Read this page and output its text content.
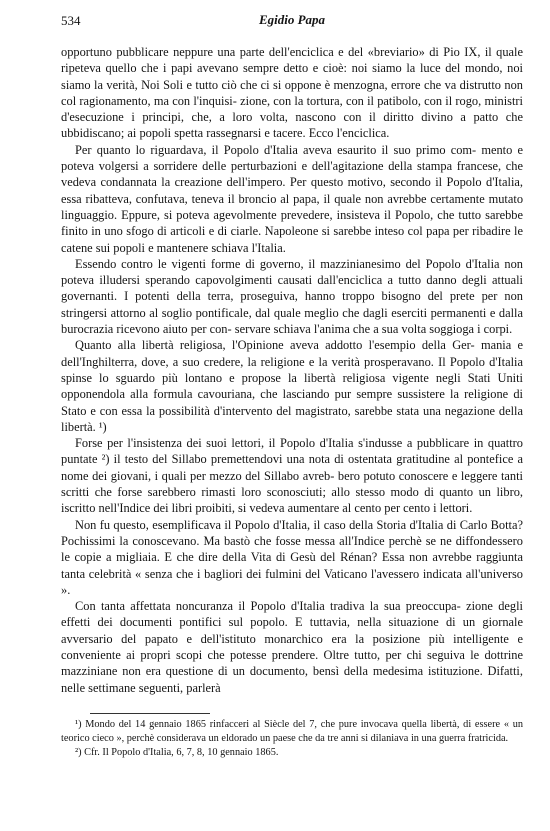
534	Egidio Papa

opportuno pubblicare neppure una parte dell'enciclica e del «breviario» di Pio IX, il quale ripeteva quello che i papi avevano sempre detto e cioè: noi siamo la luce del mondo, noi siamo la verità, Noi Soli e tutto ciò che ci si oppone è menzogna, errore che va distrutto non col ragionamento, ma con l'inquisi- zione, con la tortura, con il patibolo, con il rogo, ministri d'esecuzione i principi, che, a loro volta, nascono con il diritto divino a patto che ubbidiscano; ai popoli spetta rassegnarsi e tacere. Ecco l'enciclica.

Per quanto lo riguardava, il Popolo d'Italia aveva esaurito il suo primo com- mento e poteva volgersi a sorridere delle perturbazioni e dell'agitazione della stampa francese, che vedeva condannata la creazione dell'impero. Per questo motivo, secondo il Popolo d'Italia, essa ribatteva, confutava, teneva il broncio al papa, il quale non avrebbe certamente mutato linguaggio. Eppure, si poteva agevolmente prevedere, insisteva il Popolo, che tutto sarebbe finito in uno sfogo di articoli e di ciarle. Napoleone si sarebbe inteso col papa per ribadire le catene sui popoli e mantenere schiava l'Italia.

Essendo contro le vigenti forme di governo, il mazzinianesimo del Popolo d'Italia non poteva illudersi sperando capovolgimenti causati dall'enciclica a tutto danno degli attuali governanti. I potenti della terra, proseguiva, hanno troppo bisogno del prete per non stringersi attorno al soglio pontificale, dal quale meglio che dagli eserciti permanenti e dalla burocrazia ricevono aiuto per con- servare schiava l'anima che a sua volta soggioga i corpi.

Quanto alla libertà religiosa, l'Opinione aveva addotto l'esempio della Ger- mania e dell'Inghilterra, dove, a suo credere, la religione e la verità prosperavano. Il Popolo d'Italia spinse lo sguardo più lontano e propose la libertà religiosa vigente negli Stati Uniti opponendola alla formula cavouriana, che lasciando pur sempre sussistere la religione di Stato e con essa la possibilità d'intervento del magistrato, sarebbe stata una negazione della libertà. ¹)

Forse per l'insistenza dei suoi lettori, il Popolo d'Italia s'indusse a pubblicare in quattro puntate ²) il testo del Sillabo premettendovi una nota di ostentata gratitudine al pontefice a nome dei giovani, i quali per mezzo del Sillabo avreb- bero potuto conoscere e leggere tanti scritti che forse sarebbero rimasti loro sconosciuti; allo stesso modo di quanto un libro, iscritto nell'Indice dei libri proibiti, si vedeva aumentare al cento per cento i lettori.

Non fu questo, esemplificava il Popolo d'Italia, il caso della Storia d'Italia di Carlo Botta? Pochissimi la conoscevano. Ma bastò che fosse messa all'Indice perchè se ne diffondessero le copie a migliaia. E che dire della Vita di Gesù del Rénan? Essa non avrebbe raggiunta tanta celebrità « senza che i bagliori dei fulmini del Vaticano l'avessero indicata all'universo ».

Con tanta affettata noncuranza il Popolo d'Italia tradiva la sua preoccupa- zione degli effetti dei documenti pontifici sul popolo. E tuttavia, nella situazione di un giornale avversario del papato e dell'istituto monarchico era la posizione più intelligente e conveniente ai propri scopi che potesse prendere. Oltre tutto, per chi seguiva le dottrine mazziniane non era questione di un documento, bensì della medesima istituzione. Difatti, nelle settimane seguenti, parlerà

¹) Mondo del 14 gennaio 1865 rinfacceri al Siècle del 7, che pure invocava quella libertà, di essere « un teorico cieco », perchè considerava un eldorado un paese che da tre anni si dilaniava in una guerra fratricida.

²) Cfr. Il Popolo d'Italia, 6, 7, 8, 10 gennaio 1865.
